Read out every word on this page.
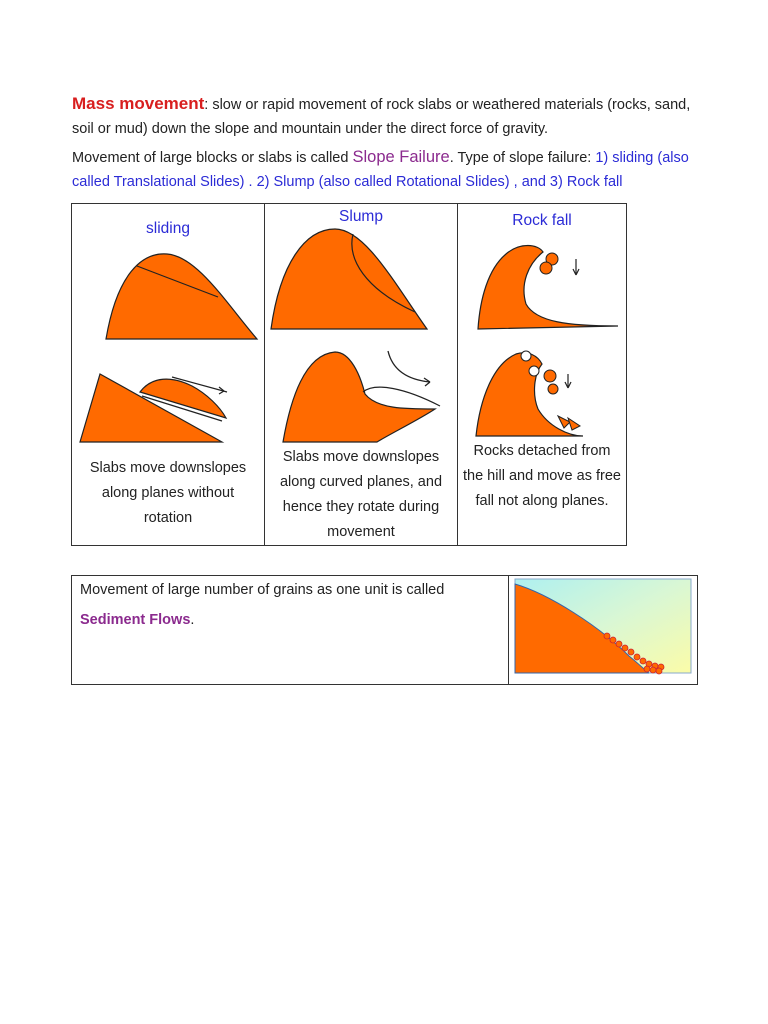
Mass movement: slow or rapid movement of rock slabs or weathered materials (rocks, sand, soil or mud) down the slope and mountain under the direct force of gravity.
Movement of large blocks or slabs is called Slope Failure. Type of slope failure: 1) sliding (also called Translational Slides) . 2) Slump (also called Rotational Slides) , and 3) Rock fall
sliding
Slabs move downslopes along planes without rotation

Slump
Slabs move downslopes along curved planes, and hence they rotate during movement

Rock fall
Rocks detached from the hill and move as free fall not along planes.
Movement of large number of grains as one unit is called
Sediment Flows.
